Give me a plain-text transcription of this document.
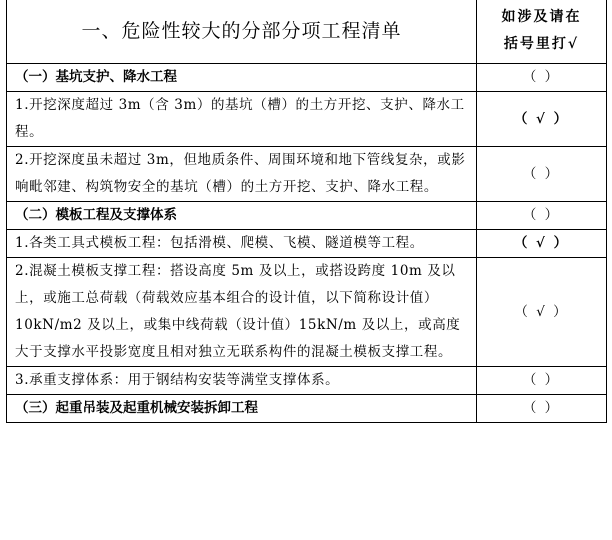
一、危险性较大的分部分项工程清单	如涉及请在
括号里打√

（一）基坑支护、降水工程	（ ）
1.开挖深度超过 3m（含 3m）的基坑（槽）的土方开挖、支护、降水工程。	（ √ ）
2.开挖深度虽未超过 3m，但地质条件、周围环境和地下管线复杂，或影响毗邻建、构筑物安全的基坑（槽）的土方开挖、支护、降水工程。	（ ）
（二）模板工程及支撑体系	（ ）
1.各类工具式模板工程：包括滑模、爬模、飞模、隧道模等工程。	（ √ ）
2.混凝土模板支撑工程：搭设高度 5m 及以上，或搭设跨度 10m 及以上，或施工总荷载（荷载效应基本组合的设计值，以下简称设计值）10kN/m2 及以上，或集中线荷载（设计值）15kN/m 及以上，或高度大于支撑水平投影宽度且相对独立无联系构件的混凝土模板支撑工程。	（ √ ）
3.承重支撑体系：用于钢结构安装等满堂支撑体系。	（ ）
（三）起重吊装及起重机械安装拆卸工程	（ ）
